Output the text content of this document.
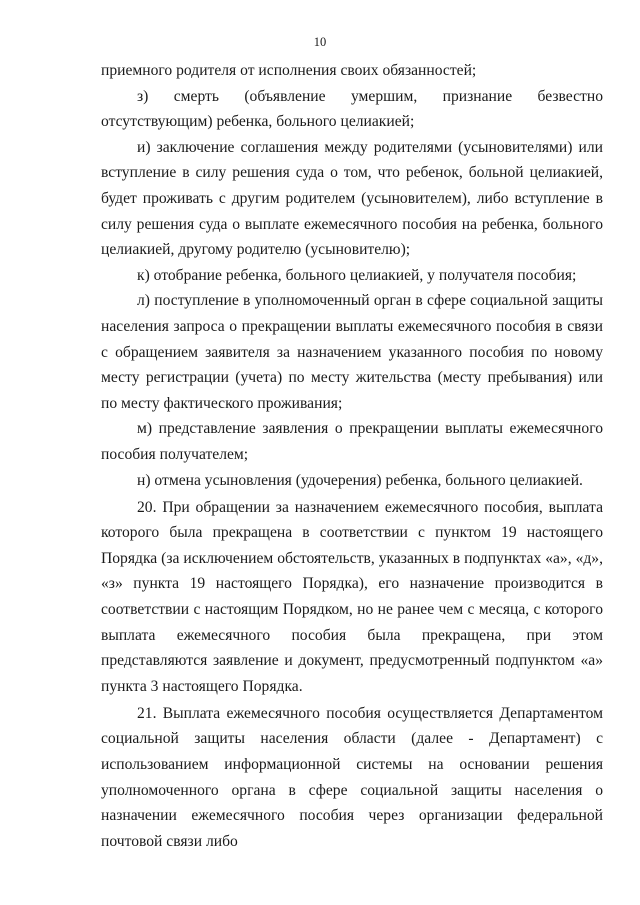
10

приемного родителя от исполнения своих обязанностей;

з) смерть (объявление умершим, признание безвестно отсутствующим) ребенка, больного целиакией;

и) заключение соглашения между родителями (усыновителями) или вступление в силу решения суда о том, что ребенок, больной целиакией, будет проживать с другим родителем (усыновителем), либо вступление в силу решения суда о выплате ежемесячного пособия на ребенка, больного целиакией, другому родителю (усыновителю);

к) отобрание ребенка, больного целиакией, у получателя пособия;

л) поступление в уполномоченный орган в сфере социальной защиты населения запроса о прекращении выплаты ежемесячного пособия в связи с обращением заявителя за назначением указанного пособия по новому месту регистрации (учета) по месту жительства (месту пребывания) или по месту фактического проживания;

м) представление заявления о прекращении выплаты ежемесячного пособия получателем;

н) отмена усыновления (удочерения) ребенка, больного целиакией.

20. При обращении за назначением ежемесячного пособия, выплата которого была прекращена в соответствии с пунктом 19 настоящего Порядка (за исключением обстоятельств, указанных в подпунктах «а», «д», «з» пункта 19 настоящего Порядка), его назначение производится в соответствии с настоящим Порядком, но не ранее чем с месяца, с которого выплата ежемесячного пособия была прекращена, при этом представляются заявление и документ, предусмотренный подпунктом «а» пункта 3 настоящего Порядка.

21. Выплата ежемесячного пособия осуществляется Департаментом социальной защиты населения области (далее - Департамент) с использованием информационной системы на основании решения уполномоченного органа в сфере социальной защиты населения о назначении ежемесячного пособия через организации федеральной почтовой связи либо
